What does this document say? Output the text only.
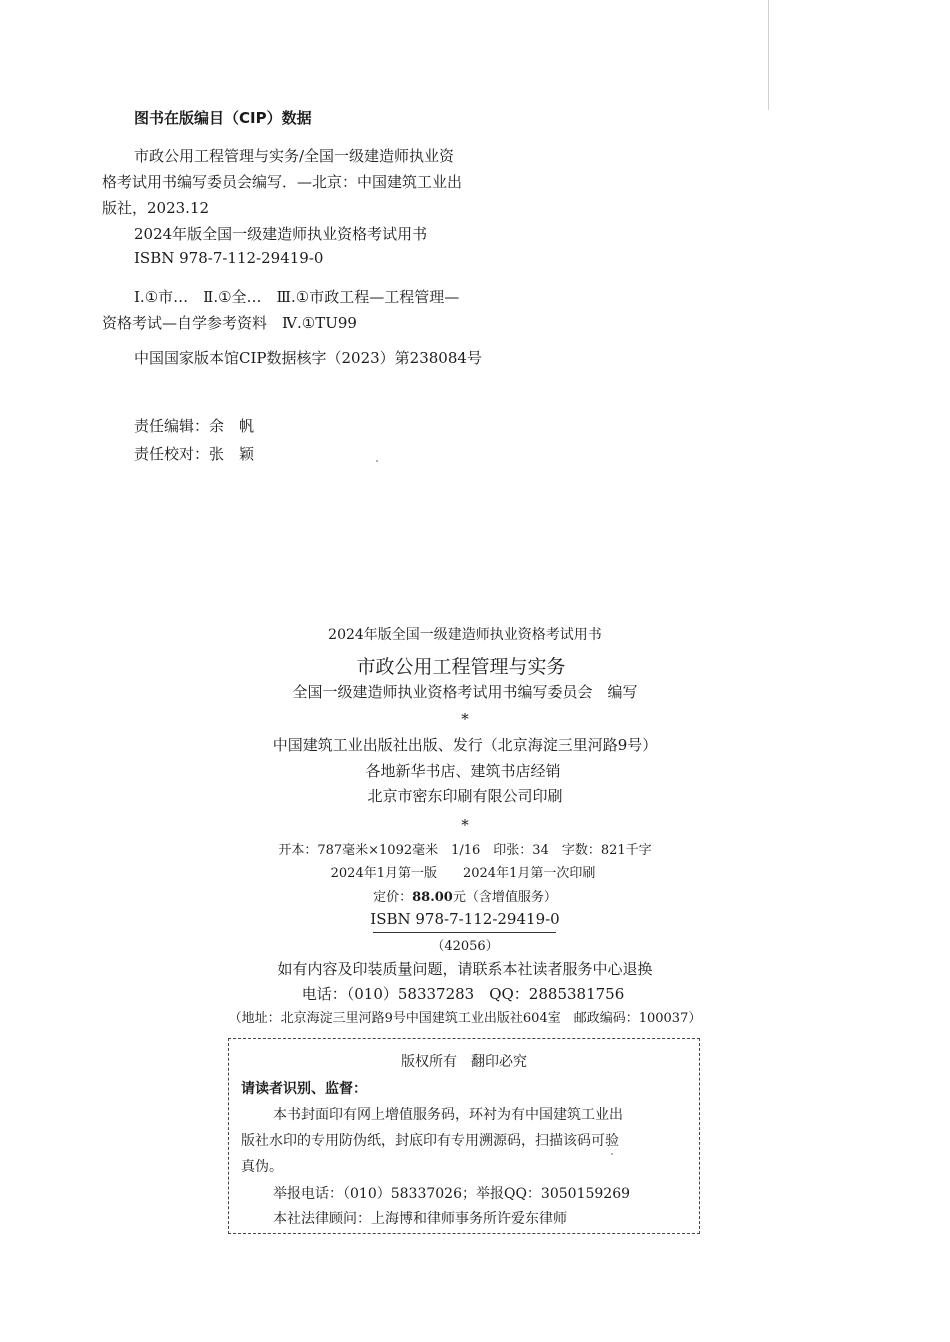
图书在版编目（CIP）数据
市政公用工程管理与实务/全国一级建造师执业资
格考试用书编写委员会编写．—北京：中国建筑工业出
版社，2023.12
2024年版全国一级建造师执业资格考试用书
ISBN 978-7-112-29419-0
Ⅰ.①市…　Ⅱ.①全…　Ⅲ.①市政工程—工程管理—
资格考试—自学参考资料　Ⅳ.①TU99
中国国家版本馆CIP数据核字（2023）第238084号
责任编辑：余　帆
责任校对：张　颖
2024年版全国一级建造师执业资格考试用书
市政公用工程管理与实务
全国一级建造师执业资格考试用书编写委员会　编写
*
中国建筑工业出版社出版、发行（北京海淀三里河路9号）
各地新华书店、建筑书店经销
北京市密东印刷有限公司印刷
*
开本：787毫米×1092毫米　1/16　印张：34　字数：821千字
2024年1月第一版　　2024年1月第一次印刷
定价：88.00元（含增值服务）
ISBN 978-7-112-29419-0
（42056）
如有内容及印装质量问题，请联系本社读者服务中心退换
电话：（010）58337283　QQ：2885381756
（地址：北京海淀三里河路9号中国建筑工业出版社604室　邮政编码：100037）
版权所有　翻印必究
请读者识别、监督：
本书封面印有网上增值服务码，环衬为有中国建筑工业出
版社水印的专用防伪纸，封底印有专用溯源码，扫描该码可验
真伪。
举报电话：（010）58337026；举报QQ：3050159269
本社法律顾问：上海博和律师事务所许爱东律师
